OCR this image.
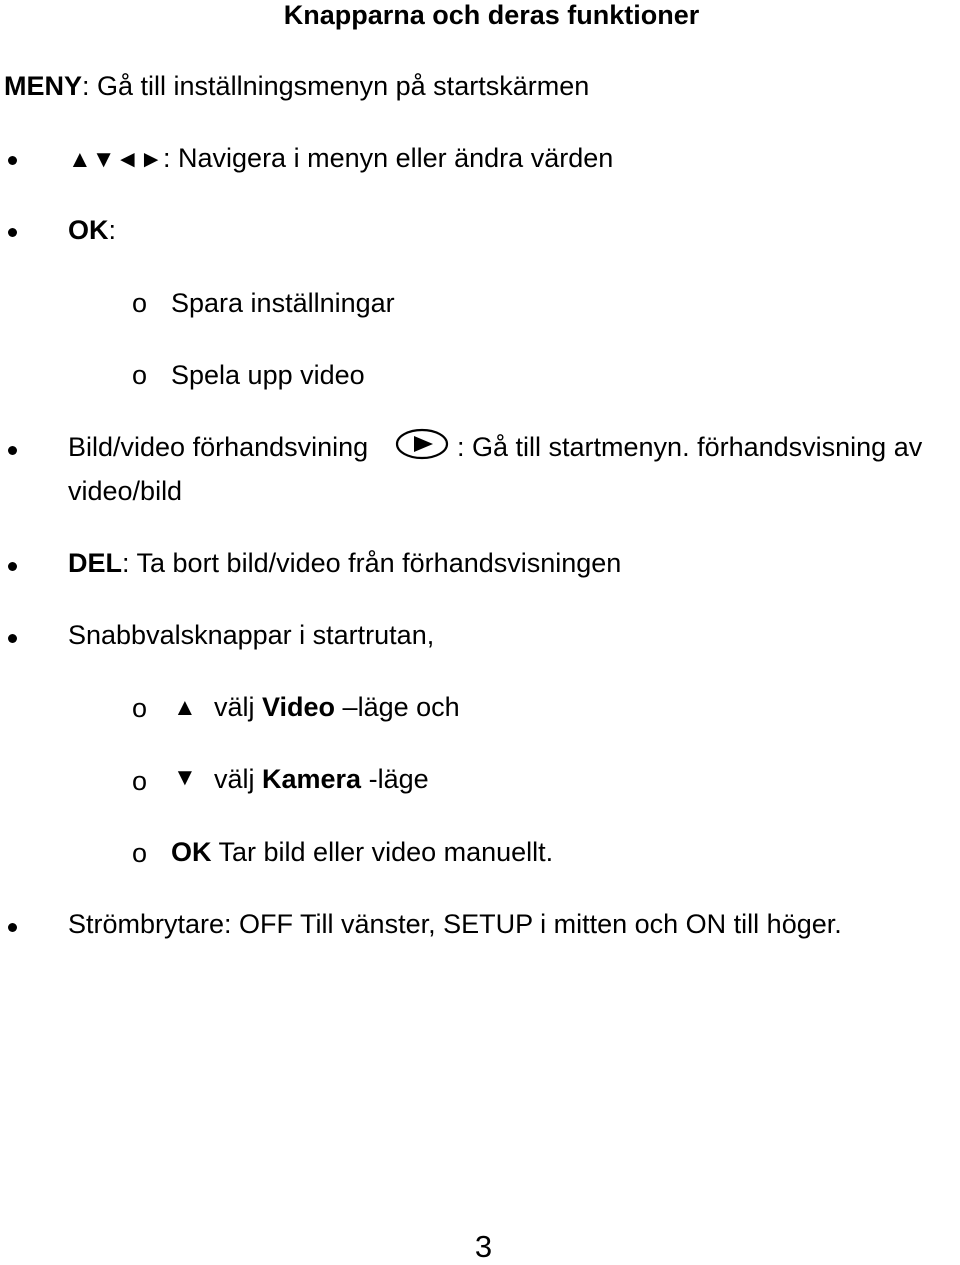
Knapparna och deras funktioner
MENY: Gå till inställningsmenyn på startskärmen
▲▼◄►: Navigera i menyn eller ändra värden
OK:
o Spara inställningar
o Spela upp video
Bild/video förhandsvining	: Gå till startmenyn. förhandsvisning av
video/bild
DEL: Ta bort bild/video från förhandsvisningen
Snabbvalsknappar i startrutan,
o ▲ välj Video –läge och
o ▼ välj Kamera -läge
o OK Tar bild eller video manuellt.
Strömbrytare: OFF Till vänster, SETUP i mitten och ON till höger.
3
